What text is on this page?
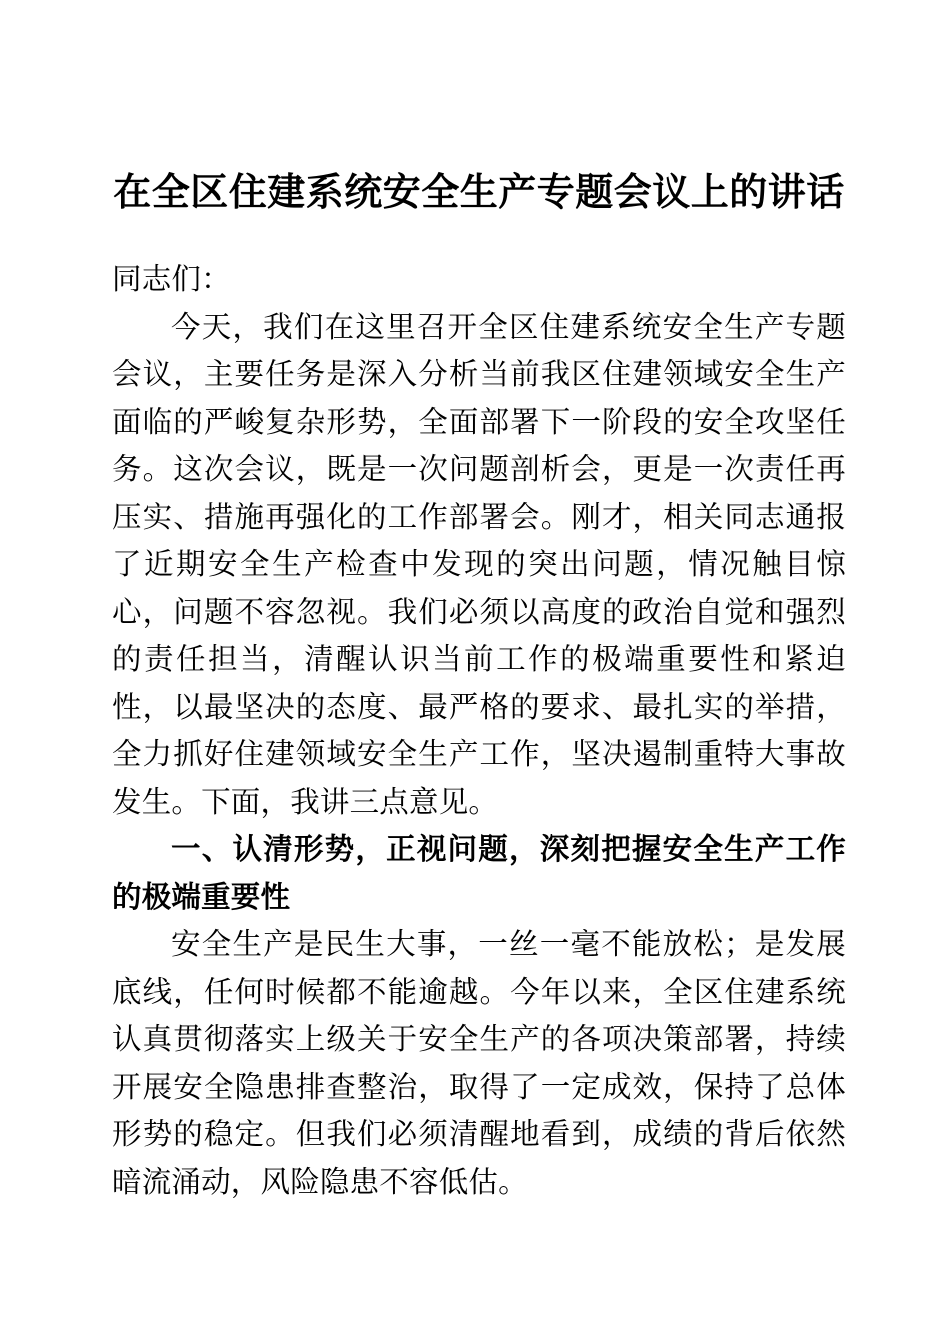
在全区住建系统安全生产专题会议上的讲话

同志们：

今天，我们在这里召开全区住建系统安全生产专题会议，主要任务是深入分析当前我区住建领域安全生产面临的严峻复杂形势，全面部署下一阶段的安全攻坚任务。这次会议，既是一次问题剖析会，更是一次责任再压实、措施再强化的工作部署会。刚才，相关同志通报了近期安全生产检查中发现的突出问题，情况触目惊心，问题不容忽视。我们必须以高度的政治自觉和强烈的责任担当，清醒认识当前工作的极端重要性和紧迫性，以最坚决的态度、最严格的要求、最扎实的举措，全力抓好住建领域安全生产工作，坚决遏制重特大事故发生。下面，我讲三点意见。

一、认清形势，正视问题，深刻把握安全生产工作的极端重要性

安全生产是民生大事，一丝一毫不能放松；是发展底线，任何时候都不能逾越。今年以来，全区住建系统认真贯彻落实上级关于安全生产的各项决策部署，持续开展安全隐患排查整治，取得了一定成效，保持了总体形势的稳定。但我们必须清醒地看到，成绩的背后依然暗流涌动，风险隐患不容低估。
